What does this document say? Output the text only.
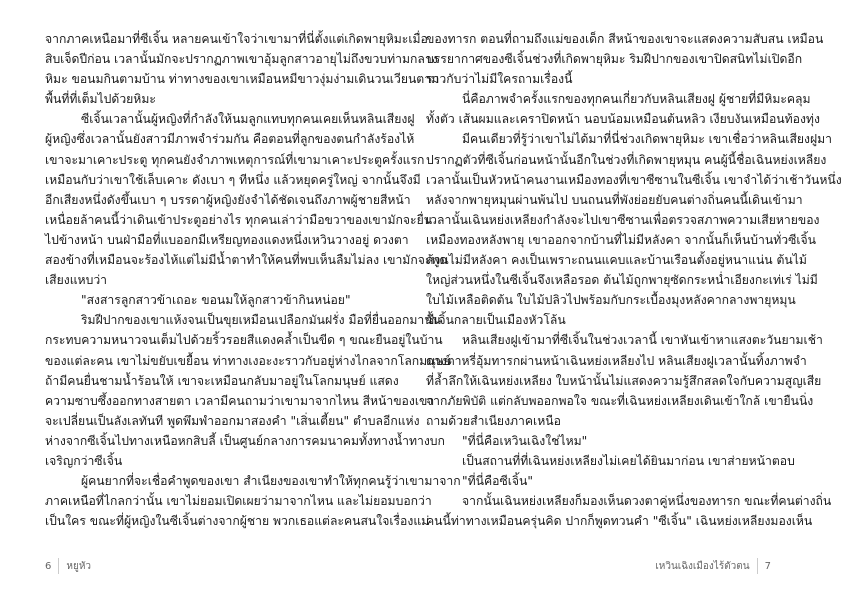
จากภาคเหนือมาที่ซีเจิ้น หลายคนเข้าใจว่าเขามาที่นี่ตั้งแต่เกิดพายุหิมะเมื่อ
สิบเจ็ดปีก่อน เวลานั้นมักจะปรากฏภาพเขาอุ้มลูกสาวอายุไม่ถึงขวบท่ามกลาง
หิมะ ขอนมกินตามบ้าน ท่าทางของเขาเหมือนหมีขาวงุ่มง่ามเดินวนเวียนตาม
พื้นที่ที่เต็มไปด้วยหิมะ
ซีเจิ้นเวลานั้นผู้หญิงที่กำลังให้นมลูกแทบทุกคนเคยเห็นหลินเสียงฝู
ผู้หญิงซึ่งเวลานั้นยังสาวมีภาพจำร่วมกัน คือตอนที่ลูกของตนกำลังร้องไห้
เขาจะมาเคาะประตู ทุกคนยังจำภาพเหตุการณ์ที่เขามาเคาะประตูครั้งแรก
เหมือนกับว่าเขาใช้เล็บเคาะ ดังเบา ๆ ทีหนึ่ง แล้วหยุดครู่ใหญ่ จากนั้นจึงมี
อีกเสียงหนึ่งดังขึ้นเบา ๆ บรรดาผู้หญิงยังจำได้ชัดเจนถึงภาพผู้ชายสีหน้า
เหนื่อยล้าคนนี้ว่าเดินเข้าประตูอย่างไร ทุกคนเล่าว่ามือขวาของเขามักจะยื่น
ไปข้างหน้า บนฝ่ามือที่แบออกมีเหรียญทองแดงหนึ่งเหวินวางอยู่ ดวงตา
สองข้างที่เหมือนจะร้องไห้แต่ไม่มีน้ำตาทำให้คนที่พบเห็นลืมไม่ลง เขามักจะพูด
เสียงแหบว่า
"สงสารลูกสาวข้าเถอะ ขอนมให้ลูกสาวข้ากินหน่อย"
ริมฝีปากของเขาแห้งจนเป็นขุยเหมือนเปลือกมันฝรั่ง มือที่ยื่นออกมานั้น
กระทบความหนาวจนเต็มไปด้วยริ้วรอยสีแดงคล้ำเป็นขีด ๆ ขณะยืนอยู่ในบ้าน
ของแต่ละคน เขาไม่ขยับเขยื้อน ท่าทางเงอะงะราวกับอยู่ห่างไกลจากโลกมนุษย์
ถ้ามีคนยื่นชามน้ำร้อนให้ เขาจะเหมือนกลับมาอยู่ในโลกมนุษย์ แสดง
ความซาบซึ้งออกทางสายตา เวลามีคนถามว่าเขามาจากไหน สีหน้าของเขา
จะเปลี่ยนเป็นลังเลทันที พูดพึมพำออกมาสองคำ "เสิ่นเตี้ยน" ตำบลอีกแห่ง
ห่างจากซีเจิ้นไปทางเหนือหกสิบลี้ เป็นศูนย์กลางการคมนาคมทั้งทางน้ำทางบก
เจริญกว่าซีเจิ้น
ผู้คนยากที่จะเชื่อคำพูดของเขา สำเนียงของเขาทำให้ทุกคนรู้ว่าเขามาจาก
ภาคเหนือที่ไกลกว่านั้น เขาไม่ยอมเปิดเผยว่ามาจากไหน และไม่ยอมบอกว่า
เป็นใคร ขณะที่ผู้หญิงในซีเจิ้นต่างจากผู้ชาย พวกเธอแต่ละคนสนใจเรื่องแม่
ของทารก ตอนที่ถามถึงแม่ของเด็ก สีหน้าของเขาจะแสดงความสับสน เหมือน
บรรยากาศของซีเจิ้นช่วงที่เกิดพายุหิมะ ริมฝีปากของเขาปิดสนิทไม่เปิดอีก
ราวกับว่าไม่มีใครถามเรื่องนี้
นี่คือภาพจำครั้งแรกของทุกคนเกี่ยวกับหลินเสียงฝู ผู้ชายที่มีหิมะคลุม
ทั้งตัว เส้นผมและเคราปิดหน้า นอบน้อมเหมือนต้นหลิว เงียบงันเหมือนท้องทุ่ง
มีคนเดียวที่รู้ว่าเขาไม่ได้มาที่นี่ช่วงเกิดพายุหิมะ เขาเชื่อว่าหลินเสียงฝูมา
ปรากฏตัวที่ซีเจิ้นก่อนหน้านั้นอีกในช่วงที่เกิดพายุหมุน คนผู้นี้ชื่อเฉินหย่งเหลียง
เวลานั้นเป็นหัวหน้าคนงานเหมืองทองที่เขาซีซานในซีเจิ้น เขาจำได้ว่าเช้าวันหนึ่ง
หลังจากพายุหมุนผ่านพ้นไป บนถนนที่พังย่อยยับคนต่างถิ่นคนนี้เดินเข้ามา
เวลานั้นเฉินหย่งเหลียงกำลังจะไปเขาซีซานเพื่อตรวจสภาพความเสียหายของ
เหมืองทองหลังพายุ เขาออกจากบ้านที่ไม่มีหลังคา จากนั้นก็เห็นบ้านทั่วซีเจิ้น
ล้วนไม่มีหลังคา คงเป็นเพราะถนนแคบและบ้านเรือนตั้งอยู่หนาแน่น ต้นไม้
ใหญ่ส่วนหนึ่งในซีเจิ้นจึงเหลือรอด ต้นไม้ถูกพายุซัดกระหน่ำเอียงกะเท่เร่ ไม่มี
ใบไม้เหลือติดต้น ใบไม้ปลิวไปพร้อมกับกระเบื้องมุงหลังคากลางพายุหมุน
ซีเจิ้นกลายเป็นเมืองหัวโล้น
หลินเสียงฝูเข้ามาที่ซีเจิ้นในช่วงเวลานี้ เขาหันเข้าหาแสงตะวันยามเช้า
ดวงตาหรี่อุ้มทารกผ่านหน้าเฉินหย่งเหลียงไป หลินเสียงฝูเวลานั้นทิ้งภาพจำ
ที่ล้ำลึกให้เฉินหย่งเหลียง ใบหน้านั้นไม่แสดงความรู้สึกสลดใจกับความสูญเสีย
จากภัยพิบัติ แต่กลับพออกพอใจ ขณะที่เฉินหย่งเหลียงเดินเข้าใกล้ เขายืนนิ่ง
ถามด้วยสำเนียงภาคเหนือ
"ที่นี่คือเหวินเฉิงใช่ไหม"
เป็นสถานที่ที่เฉินหย่งเหลียงไม่เคยได้ยินมาก่อน เขาส่ายหน้าตอบ
"ที่นี่คือซีเจิ้น"
จากนั้นเฉินหย่งเหลียงก็มองเห็นดวงตาคู่หนึ่งของทารก ขณะที่คนต่างถิ่น
คนนี้ท่าทางเหมือนครุ่นคิด ปากก็พูดทวนคำ "ซีเจิ้น" เฉินหย่งเหลียงมองเห็น
6 หยูหัว	เหวินเฉิงเมืองไร้ตัวตน 7
